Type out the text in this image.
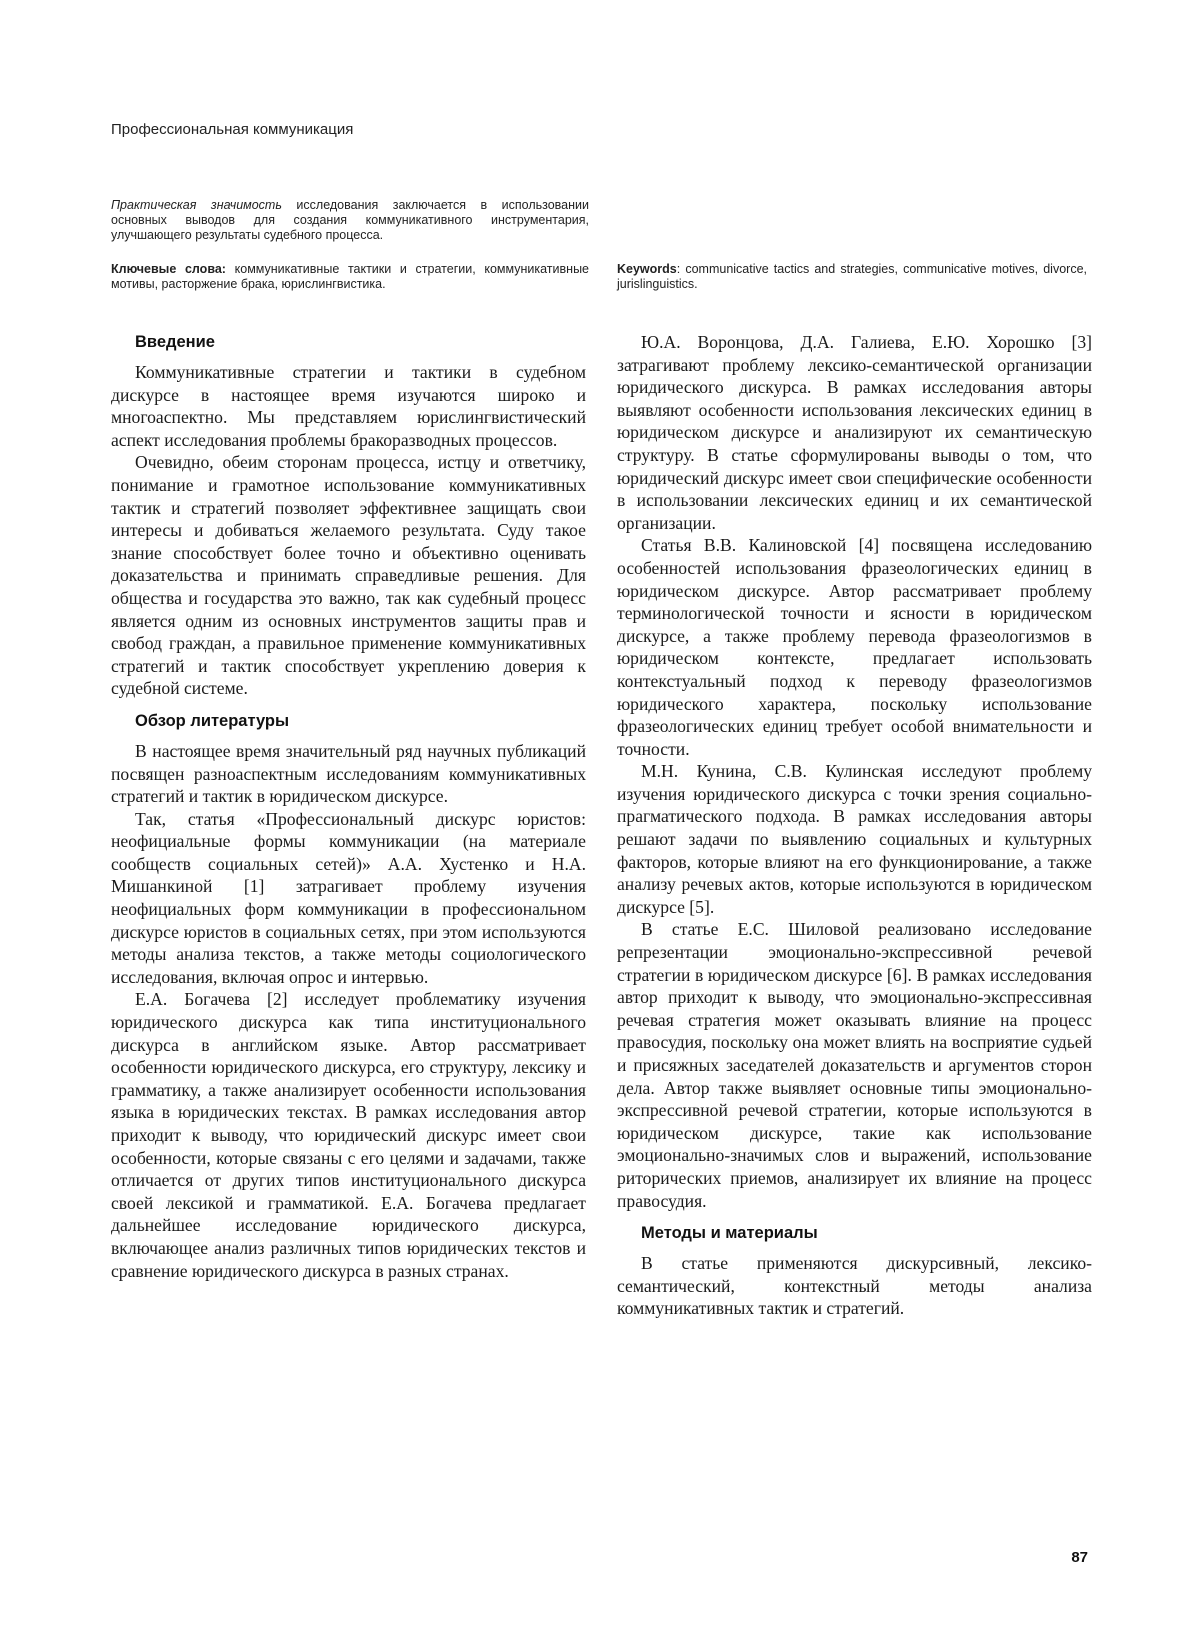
Профессиональная коммуникация

Практическая значимость исследования заключается в использовании основных выводов для создания коммуникативного инструментария, улучшающего результаты судебного процесса.

Ключевые слова: коммуникативные тактики и стратегии, коммуникативные мотивы, расторжение брака, юрислингвистика.

Keywords: communicative tactics and strategies, communicative motives, divorce, jurislinguistics.

Введение

Коммуникативные стратегии и тактики в судебном дискурсе в настоящее время изучаются широко и многоаспектно. Мы представляем юрислингвистический аспект исследования проблемы бракоразводных процессов.

Очевидно, обеим сторонам процесса, истцу и ответчику, понимание и грамотное использование коммуникативных тактик и стратегий позволяет эффективнее защищать свои интересы и добиваться желаемого результата. Суду такое знание способствует более точно и объективно оценивать доказательства и принимать справедливые решения. Для общества и государства это важно, так как судебный процесс является одним из основных инструментов защиты прав и свобод граждан, а правильное применение коммуникативных стратегий и тактик способствует укреплению доверия к судебной системе.

Обзор литературы

В настоящее время значительный ряд научных публикаций посвящен разноаспектным исследованиям коммуникативных стратегий и тактик в юридическом дискурсе.

Так, статья «Профессиональный дискурс юристов: неофициальные формы коммуникации (на материале сообществ социальных сетей)» А.А. Хустенко и Н.А. Мишанкиной [1] затрагивает проблему изучения неофициальных форм коммуникации в профессиональном дискурсе юристов в социальных сетях, при этом используются методы анализа текстов, а также методы социологического исследования, включая опрос и интервью.

Е.А. Богачева [2] исследует проблематику изучения юридического дискурса как типа институционального дискурса в английском языке. Автор рассматривает особенности юридического дискурса, его структуру, лексику и грамматику, а также анализирует особенности использования языка в юридических текстах. В рамках исследования автор приходит к выводу, что юридический дискурс имеет свои особенности, которые связаны с его целями и задачами, также отличается от других типов институционального дискурса своей лексикой и грамматикой. Е.А. Богачева предлагает дальнейшее исследование юридического дискурса, включающее анализ различных типов юридических текстов и сравнение юридического дискурса в разных странах.

Ю.А. Воронцова, Д.А. Галиева, Е.Ю. Хорошко [3] затрагивают проблему лексико-семантической организации юридического дискурса. В рамках исследования авторы выявляют особенности использования лексических единиц в юридическом дискурсе и анализируют их семантическую структуру. В статье сформулированы выводы о том, что юридический дискурс имеет свои специфические особенности в использовании лексических единиц и их семантической организации.

Статья В.В. Калиновской [4] посвящена исследованию особенностей использования фразеологических единиц в юридическом дискурсе. Автор рассматривает проблему терминологической точности и ясности в юридическом дискурсе, а также проблему перевода фразеологизмов в юридическом контексте, предлагает использовать контекстуальный подход к переводу фразеологизмов юридического характера, поскольку использование фразеологических единиц требует особой внимательности и точности.

М.Н. Кунина, С.В. Кулинская исследуют проблему изучения юридического дискурса с точки зрения социально-прагматического подхода. В рамках исследования авторы решают задачи по выявлению социальных и культурных факторов, которые влияют на его функционирование, а также анализу речевых актов, которые используются в юридическом дискурсе [5].

В статье Е.С. Шиловой реализовано исследование репрезентации эмоционально-экспрессивной речевой стратегии в юридическом дискурсе [6]. В рамках исследования автор приходит к выводу, что эмоционально-экспрессивная речевая стратегия может оказывать влияние на процесс правосудия, поскольку она может влиять на восприятие судьей и присяжных заседателей доказательств и аргументов сторон дела. Автор также выявляет основные типы эмоционально-экспрессивной речевой стратегии, которые используются в юридическом дискурсе, такие как использование эмоционально-значимых слов и выражений, использование риторических приемов, анализирует их влияние на процесс правосудия.

Методы и материалы

В статье применяются дискурсивный, лексико-семантический, контекстный методы анализа коммуникативных тактик и стратегий.

87
